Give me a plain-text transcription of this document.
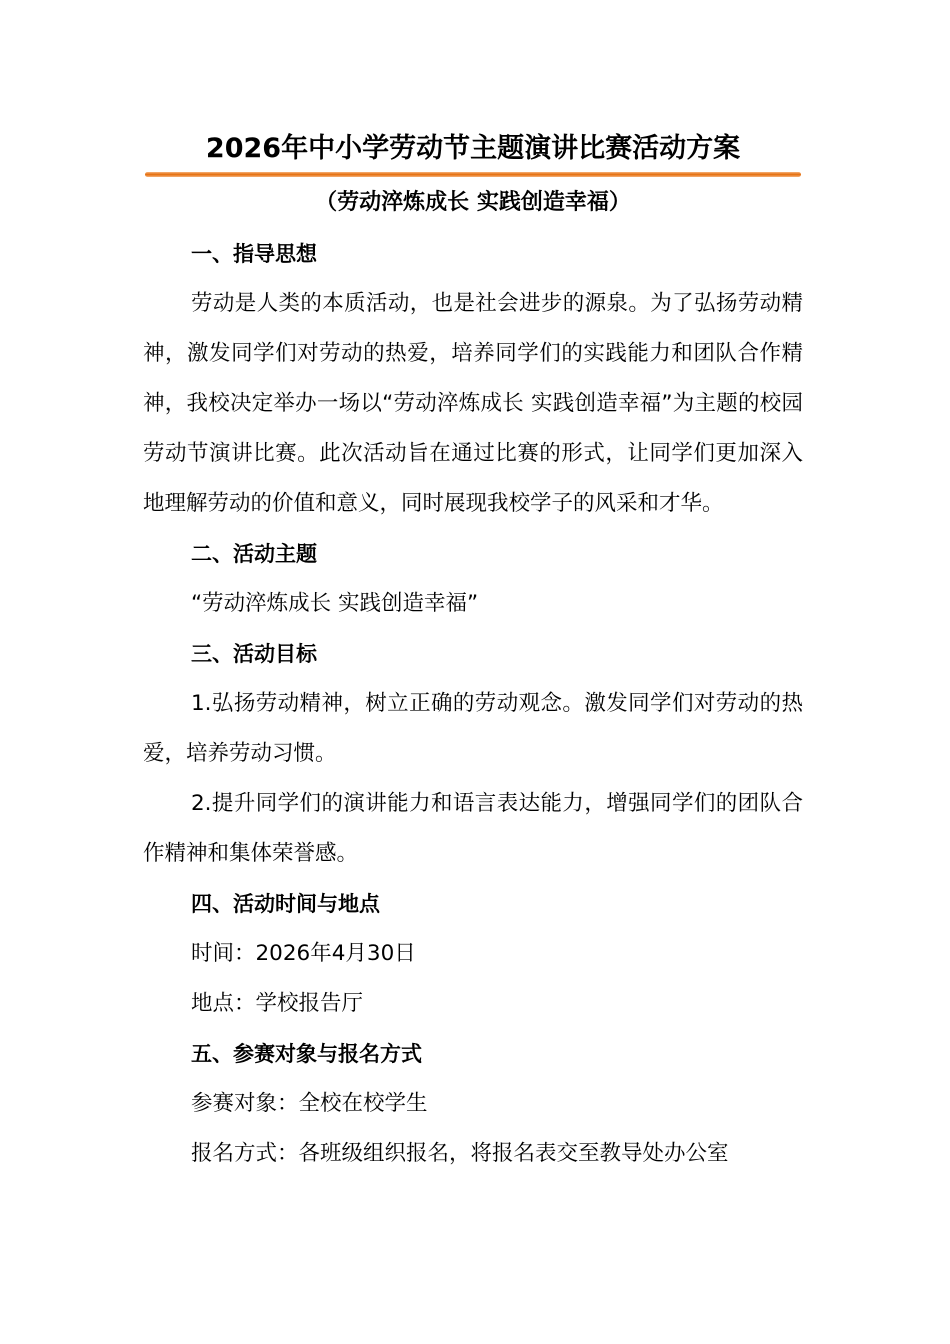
2026年中小学劳动节主题演讲比赛活动方案
（劳动淬炼成长 实践创造幸福）

一、指导思想

劳动是人类的本质活动，也是社会进步的源泉。为了弘扬劳动精神，激发同学们对劳动的热爱，培养同学们的实践能力和团队合作精神，我校决定举办一场以“劳动淬炼成长 实践创造幸福”为主题的校园劳动节演讲比赛。此次活动旨在通过比赛的形式，让同学们更加深入地理解劳动的价值和意义，同时展现我校学子的风采和才华。

二、活动主题

“劳动淬炼成长 实践创造幸福”

三、活动目标

1.弘扬劳动精神，树立正确的劳动观念。激发同学们对劳动的热爱，培养劳动习惯。

2.提升同学们的演讲能力和语言表达能力，增强同学们的团队合作精神和集体荣誉感。

四、活动时间与地点

时间：2026年4月30日

地点：学校报告厅

五、参赛对象与报名方式

参赛对象：全校在校学生

报名方式：各班级组织报名，将报名表交至教导处办公室
